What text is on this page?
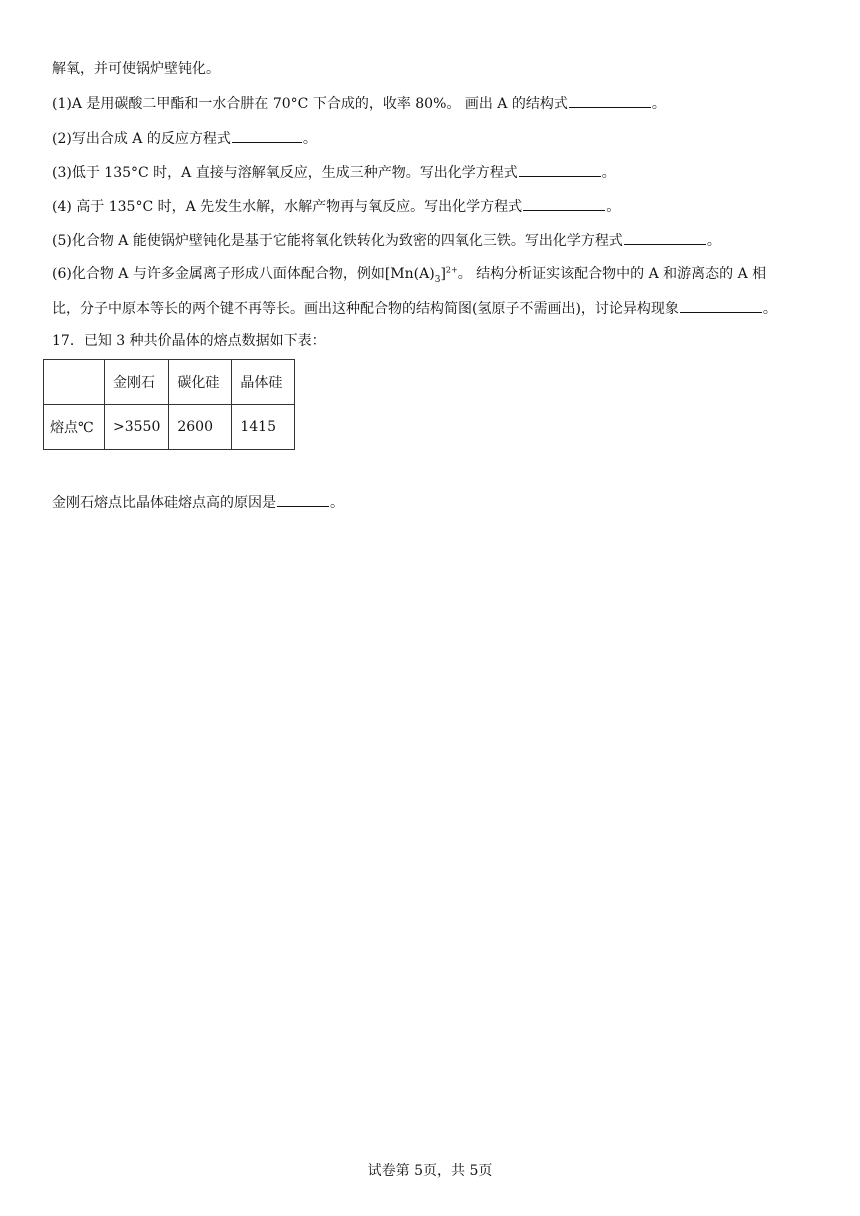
解氧，并可使锅炉壁钝化。
(1)A 是用碳酸二甲酯和一水合肼在 70°C 下合成的，收率 80%。 画出 A 的结构式	。
(2)写出合成 A 的反应方程式	。
(3)低于 135°C 时，A 直接与溶解氧反应，生成三种产物。写出化学方程式	。
(4) 高于 135°C 时，A 先发生水解，水解产物再与氧反应。写出化学方程式	。
(5)化合物 A 能使锅炉壁钝化是基于它能将氧化铁转化为致密的四氧化三铁。写出化学方程式	。
(6)化合物 A 与许多金属离子形成八面体配合物，例如$[Mn(A)_3]^{2+}$。 结构分析证实该配合物中的 A 和游离态的 A 相
比，分子中原本等长的两个键不再等长。画出这种配合物的结构简图(氢原子不需画出)，讨论异构现象	。
17．已知 3 种共价晶体的熔点数据如下表：
	金刚石	碳化硅	晶体硅
熔点℃	>3550	2600	1415
金刚石熔点比晶体硅熔点高的原因是	。
试卷第 5页，共 5页
